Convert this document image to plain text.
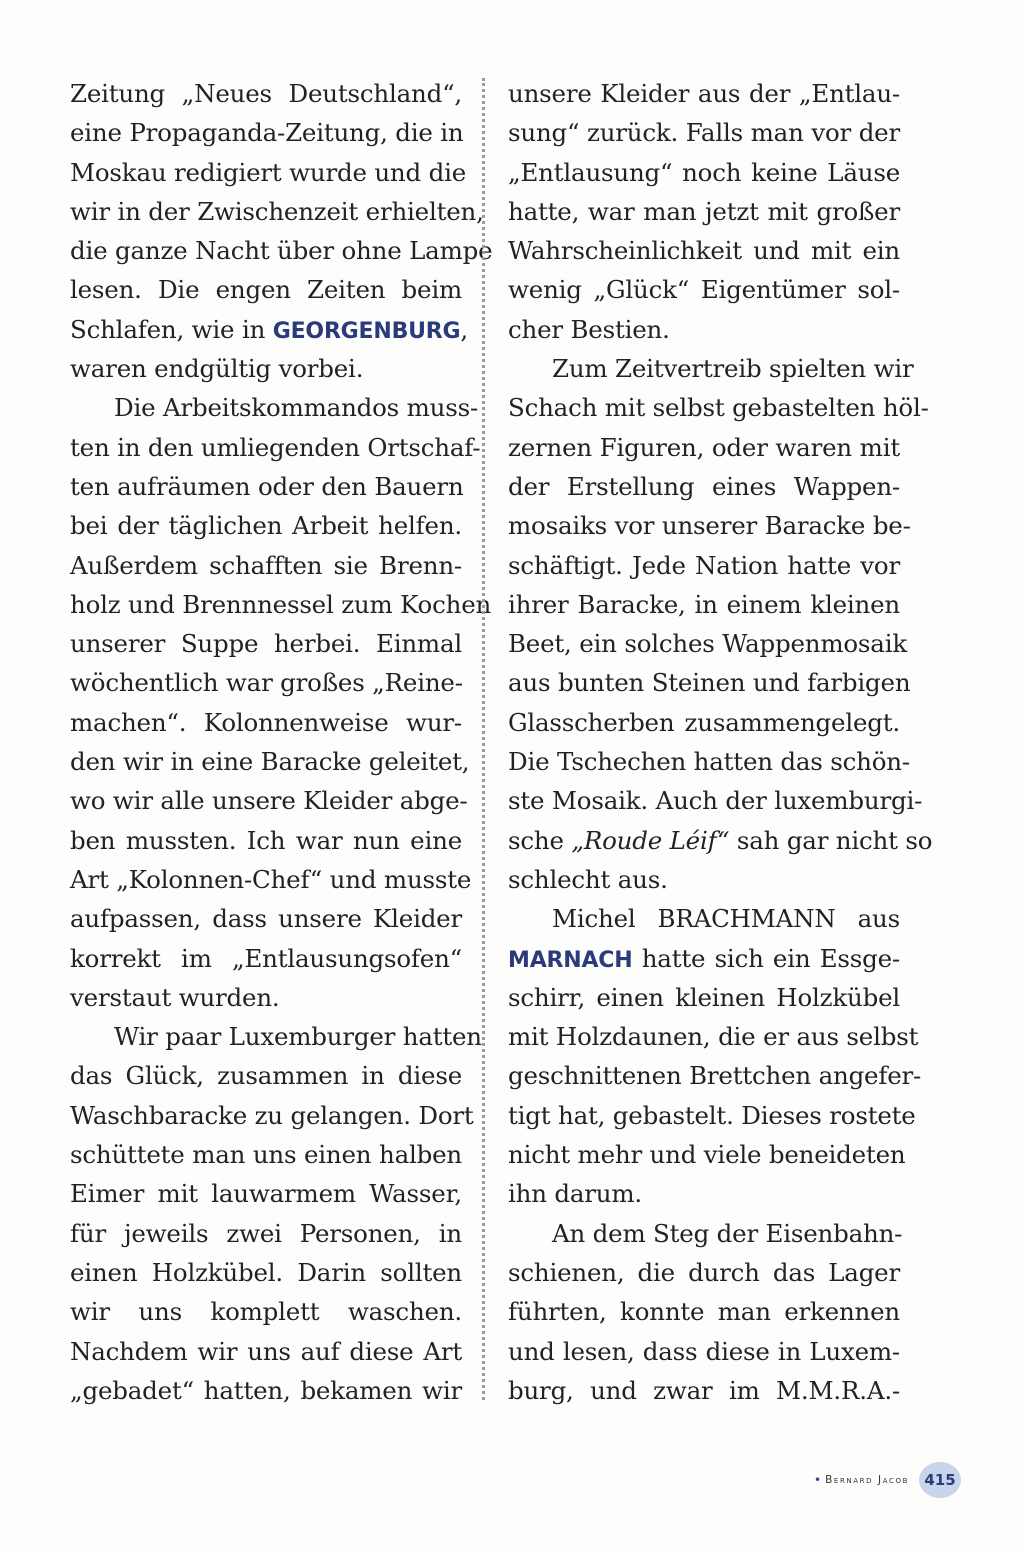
Zeitung „Neues Deutschland“,
eine Propaganda-Zeitung, die in
Moskau redigiert wurde und die
wir in der Zwischenzeit erhielten,
die ganze Nacht über ohne Lampe
lesen. Die engen Zeiten beim
Schlafen, wie in GEORGENBURG,
waren endgültig vorbei.

Die Arbeitskommandos muss-
ten in den umliegenden Ortschaf-
ten aufräumen oder den Bauern
bei der täglichen Arbeit helfen.
Außerdem schafften sie Brenn-
holz und Brennnessel zum Kochen
unserer Suppe herbei. Einmal
wöchentlich war großes „Reine-
machen“. Kolonnenweise wur-
den wir in eine Baracke geleitet,
wo wir alle unsere Kleider abge-
ben mussten. Ich war nun eine
Art „Kolonnen-Chef“ und musste
aufpassen, dass unsere Kleider
korrekt im „Entlausungsofen“
verstaut wurden.

Wir paar Luxemburger hatten
das Glück, zusammen in diese
Waschbaracke zu gelangen. Dort
schüttete man uns einen halben
Eimer mit lauwarmem Wasser,
für jeweils zwei Personen, in
einen Holzkübel. Darin sollten
wir uns komplett waschen.
Nachdem wir uns auf diese Art
„gebadet“ hatten, bekamen wir

unsere Kleider aus der „Entlau-
sung“ zurück. Falls man vor der
„Entlausung“ noch keine Läuse
hatte, war man jetzt mit großer
Wahrscheinlichkeit und mit ein
wenig „Glück“ Eigentümer sol-
cher Bestien.

Zum Zeitvertreib spielten wir
Schach mit selbst gebastelten höl-
zernen Figuren, oder waren mit
der Erstellung eines Wappen-
mosaiks vor unserer Baracke be-
schäftigt. Jede Nation hatte vor
ihrer Baracke, in einem kleinen
Beet, ein solches Wappenmosaik
aus bunten Steinen und farbigen
Glasscherben zusammengelegt.
Die Tschechen hatten das schön-
ste Mosaik. Auch der luxemburgi-
sche „Roude Léif“ sah gar nicht so
schlecht aus.

Michel BRACHMANN aus
MARNACH hatte sich ein Essge-
schirr, einen kleinen Holzkübel
mit Holzdaunen, die er aus selbst
geschnittenen Brettchen angefer-
tigt hat, gebastelt. Dieses rostete
nicht mehr und viele beneideten
ihn darum.

An dem Steg der Eisenbahn-
schienen, die durch das Lager
führten, konnte man erkennen
und lesen, dass diese in Luxem-
burg, und zwar im M.M.R.A.-

• Bernard Jacob	415
